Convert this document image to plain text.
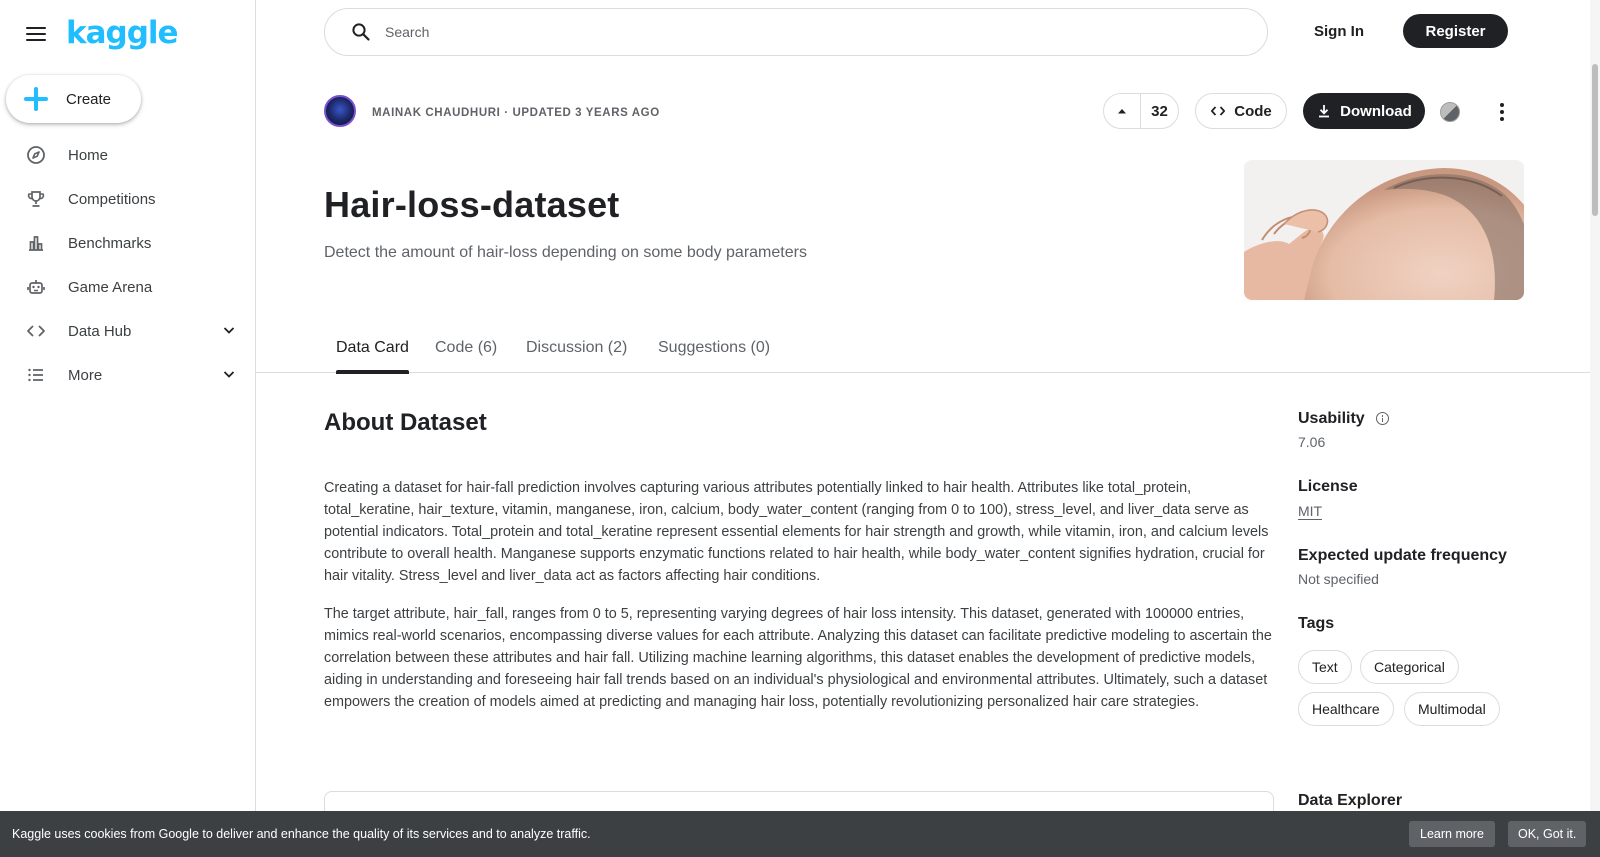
kaggle
Create
Home
Competitions
Benchmarks
Game Arena
Data Hub
More
Search
Sign In	Register
MAINAK CHAUDHURI · UPDATED 3 YEARS AGO	32	Code	Download
Hair-loss-dataset
Detect the amount of hair-loss depending on some body parameters
Data Card Code (6) Discussion (2) Suggestions (0)
About Dataset

Creating a dataset for hair-fall prediction involves capturing various attributes potentially linked to hair health. Attributes like total_protein, total_keratine, hair_texture, vitamin, manganese, iron, calcium, body_water_content (ranging from 0 to 100), stress_level, and liver_data serve as potential indicators. Total_protein and total_keratine represent essential elements for hair strength and growth, while vitamin, iron, and calcium levels contribute to overall health. Manganese supports enzymatic functions related to hair health, while body_water_content signifies hydration, crucial for hair vitality. Stress_level and liver_data act as factors affecting hair conditions.

The target attribute, hair_fall, ranges from 0 to 5, representing varying degrees of hair loss intensity. This dataset, generated with 100000 entries, mimics real-world scenarios, encompassing diverse values for each attribute. Analyzing this dataset can facilitate predictive modeling to ascertain the correlation between these attributes and hair fall. Utilizing machine learning algorithms, this dataset enables the development of predictive models, aiding in understanding and foreseeing hair fall trends based on an individual's physiological and environmental attributes. Ultimately, such a dataset empowers the creation of models aimed at predicting and managing hair loss, potentially revolutionizing personalized hair care strategies.

Usability
7.06
License
MIT
Expected update frequency
Not specified
Tags
Text	Categorical
Healthcare	Multimodal
Data Explorer
Kaggle uses cookies from Google to deliver and enhance the quality of its services and to analyze traffic.	Learn more	OK, Got it.
